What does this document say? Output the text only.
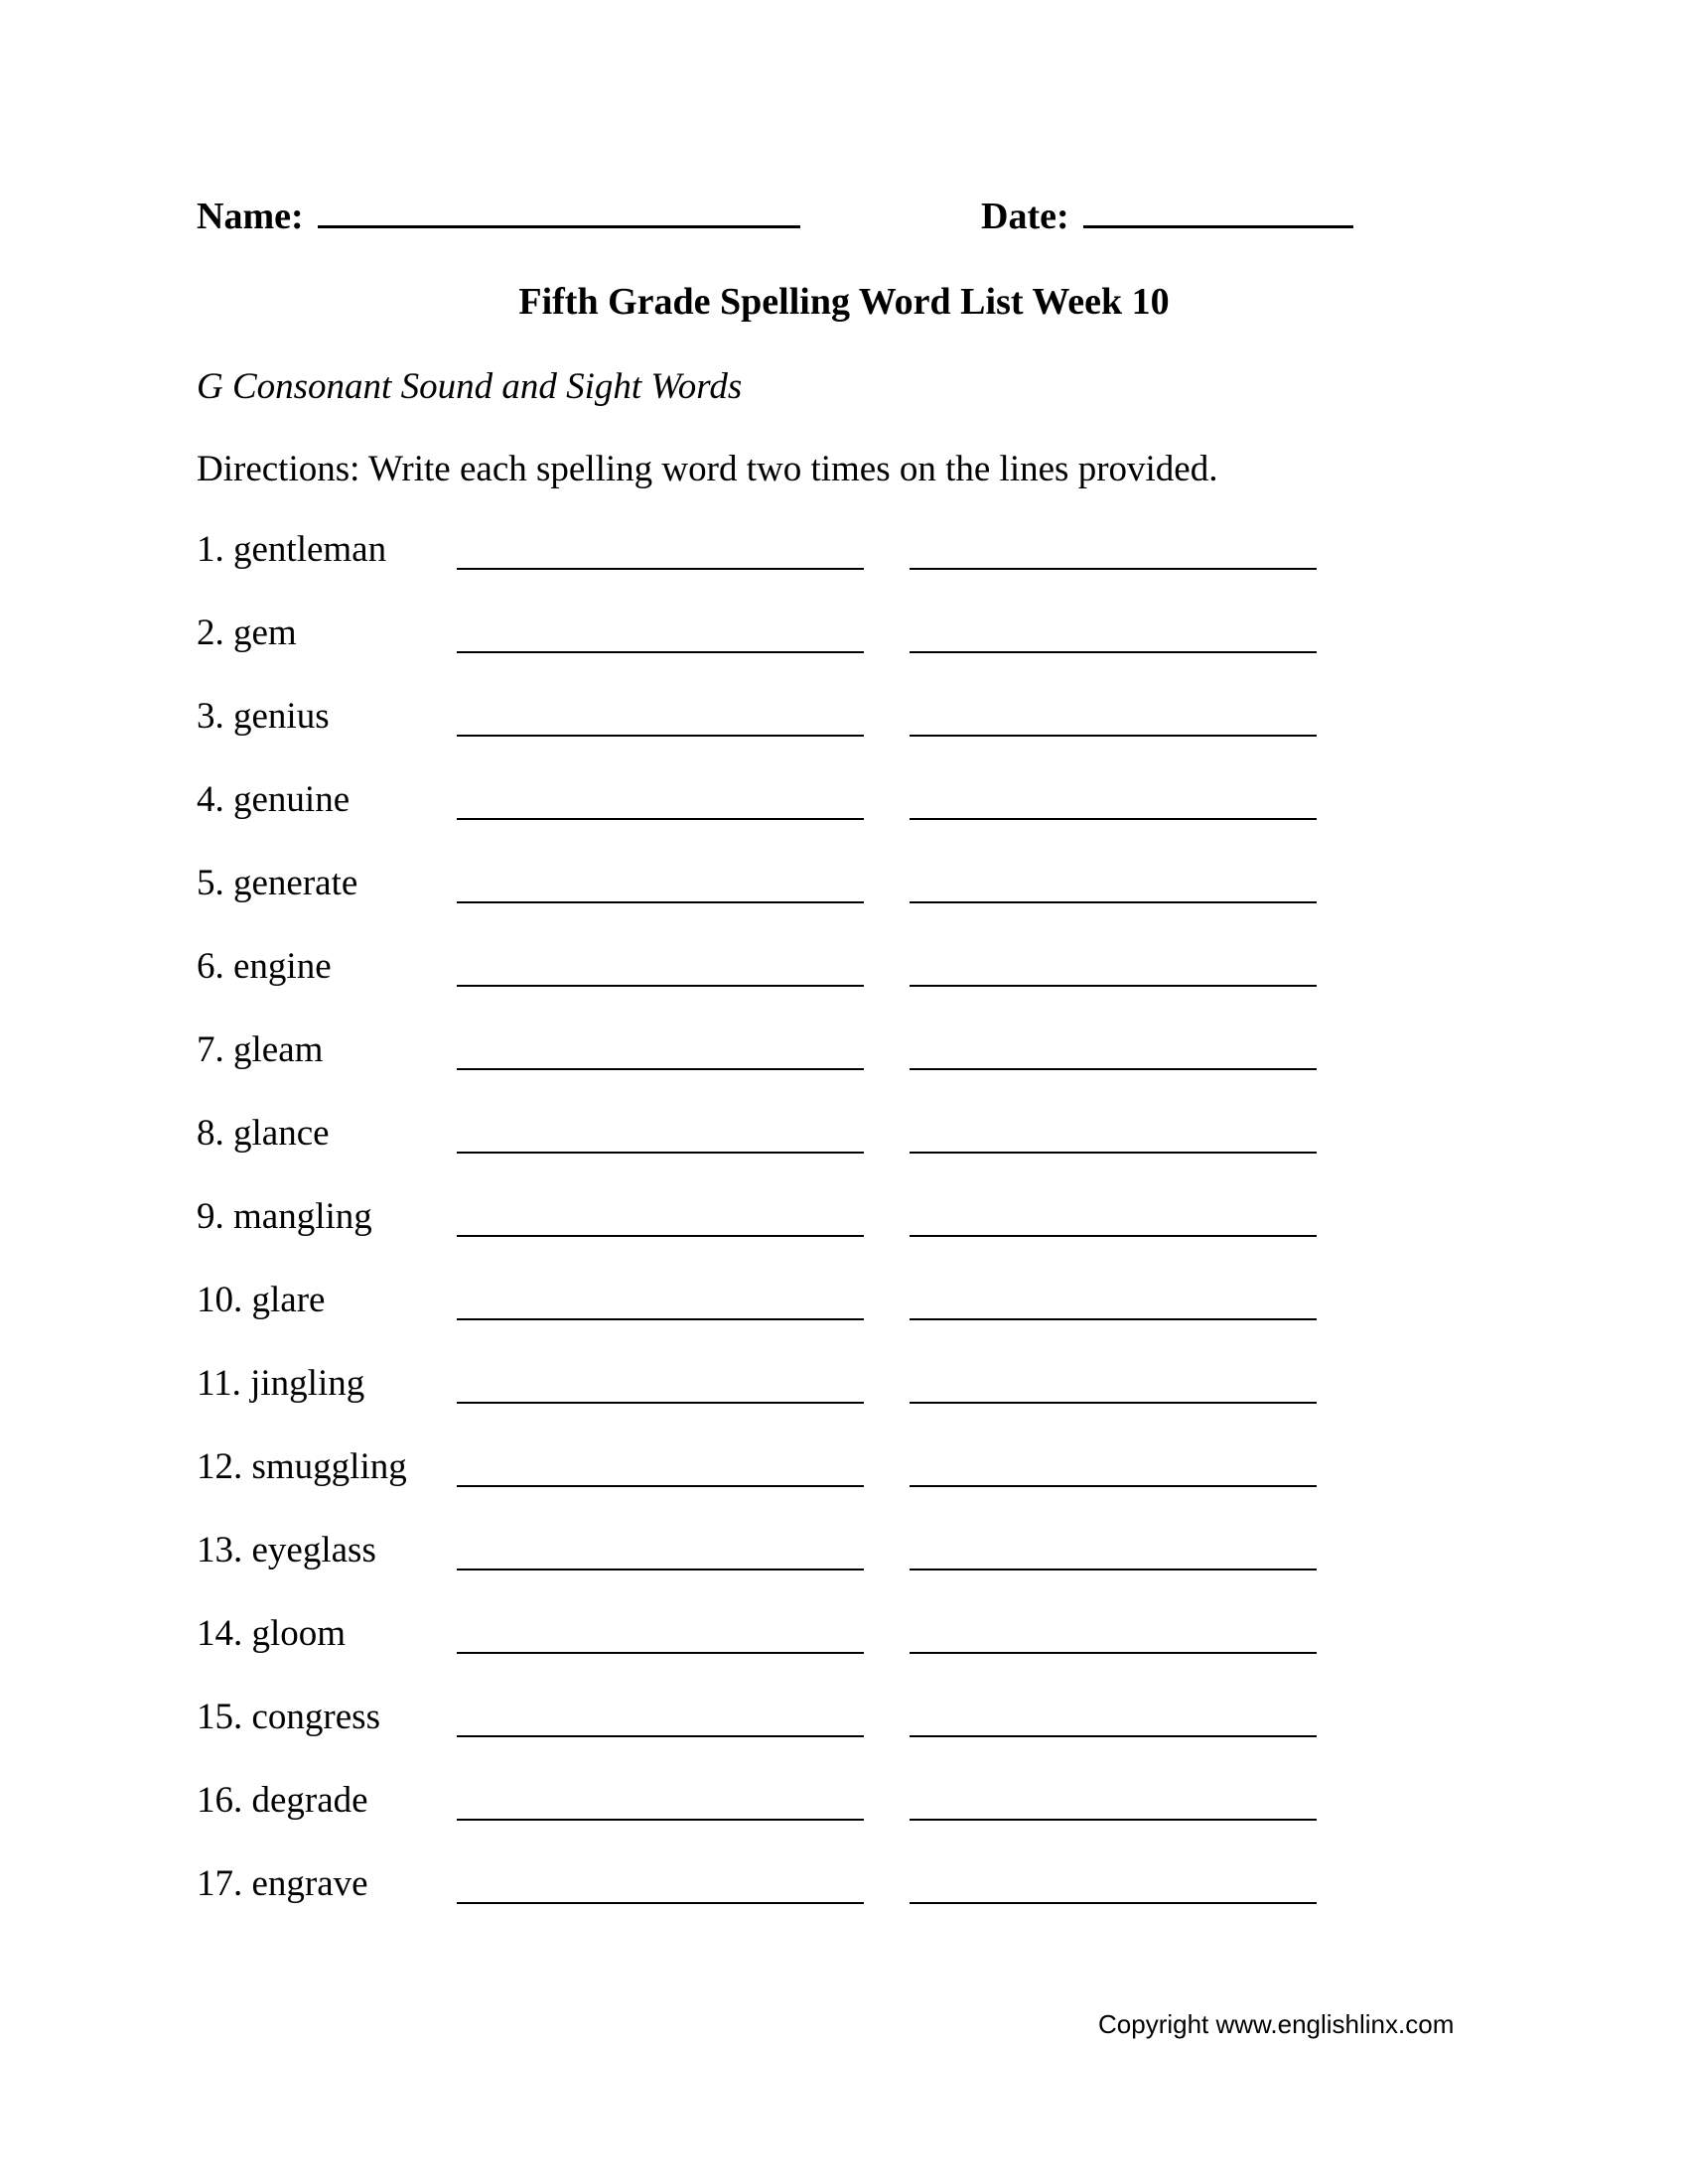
Name:	Date:
Fifth Grade Spelling Word List Week 10
G Consonant Sound and Sight Words
Directions: Write each spelling word two times on the lines provided.
1. gentleman
2. gem
3. genius
4. genuine
5. generate
6. engine
7. gleam
8. glance
9. mangling
10. glare
11. jingling
12. smuggling
13. eyeglass
14. gloom
15. congress
16. degrade
17. engrave
Copyright www.englishlinx.com
